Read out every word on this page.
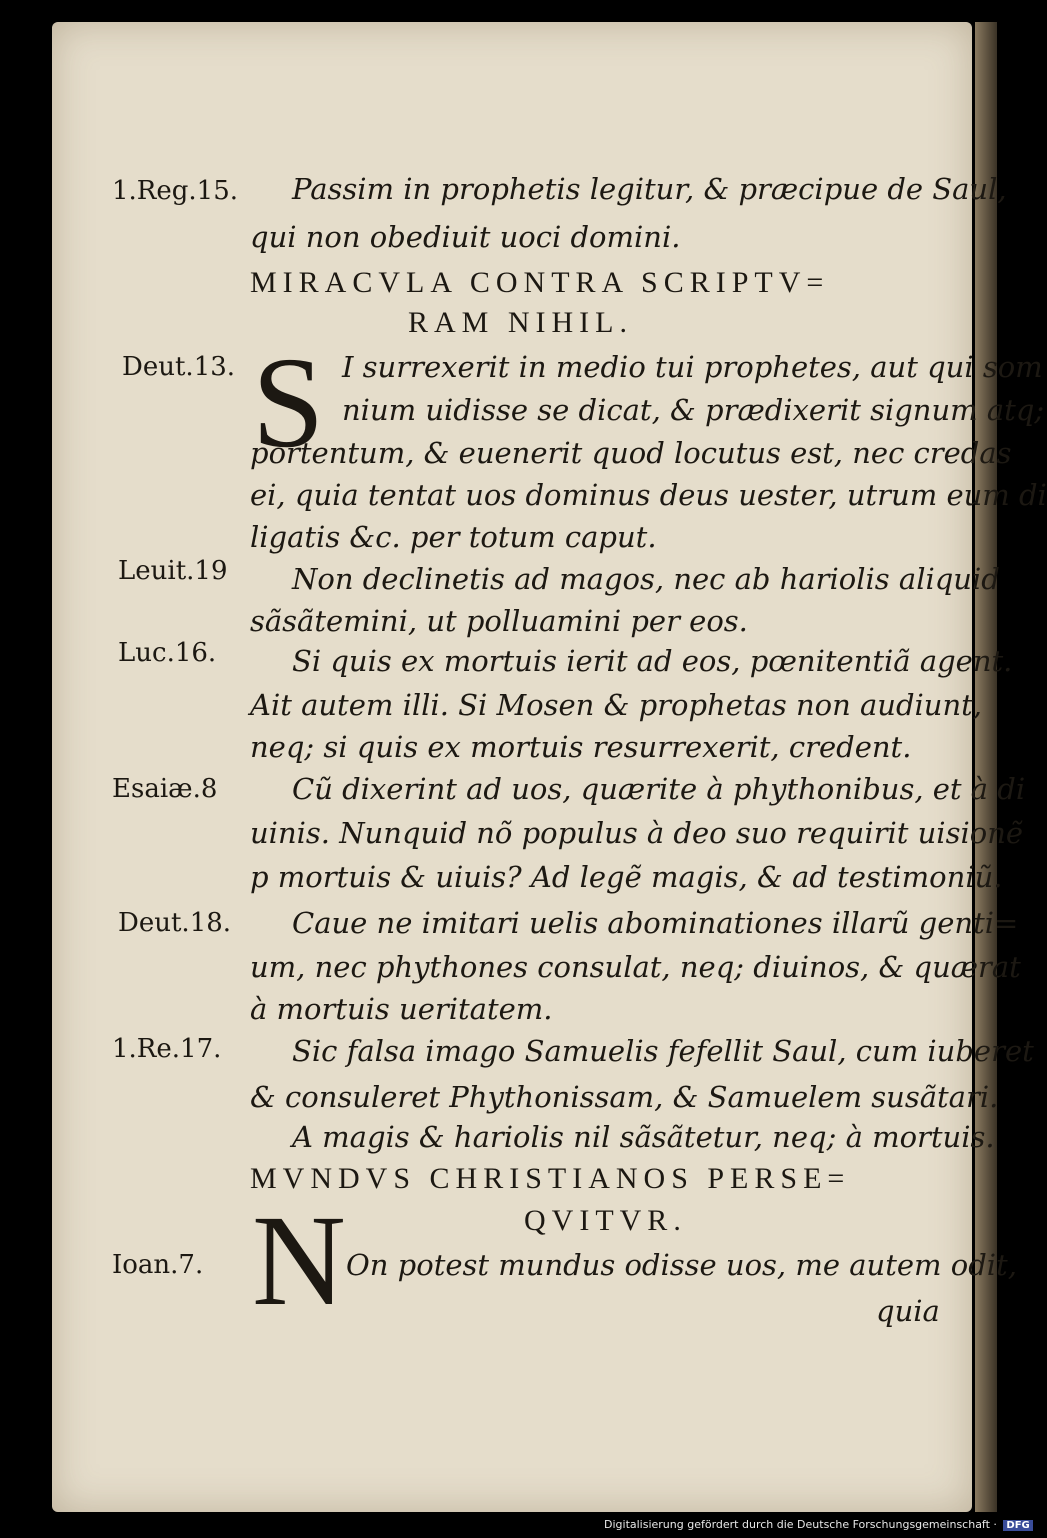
1.Reg.15.
Deut.13.
Leuit.19
Luc.16.
Esaiæ.8
Deut.18.
1.Re.17.
Ioan.7.
Passim in prophetis legitur, & præcipue de Saul,
qui non obediuit uoci domini.
MIRACVLA CONTRA SCRIPTV=
RAM NIHIL.
S I surrexerit in medio tui prophetes, aut qui som
nium uidisse se dicat, & prædixerit signum atq;
portentum, & euenerit quod locutus est, nec credas
ei, quia tentat uos dominus deus uester, utrum eum di
ligatis &c. per totum caput.
Non declinetis ad magos, nec ab hariolis aliquid
sãsãtemini, ut polluamini per eos.
Si quis ex mortuis ierit ad eos, pœnitentiã agent.
Ait autem illi. Si Mosen & prophetas non audiunt,
neq; si quis ex mortuis resurrexerit, credent.
Cũ dixerint ad uos, quærite à phythonibus, et à di
uinis. Nunquid nõ populus à deo suo requirit uisionẽ
p mortuis & uiuis? Ad legẽ magis, & ad testimoniũ.
Caue ne imitari uelis abominationes illarũ genti=
um, nec phythones consulat, neq; diuinos, & quærat
à mortuis ueritatem.
Sic falsa imago Samuelis fefellit Saul, cum iuberet
& consuleret Phythonissam, & Samuelem susãtari.
A magis & hariolis nil sãsãtetur, neq; à mortuis.
MVNDVS CHRISTIANOS PERSE=
QVITVR.
N On potest mundus odisse uos, me autem odit,
quia
Digitalisierung gefördert durch die Deutsche Forschungsgemeinschaft · DFG
